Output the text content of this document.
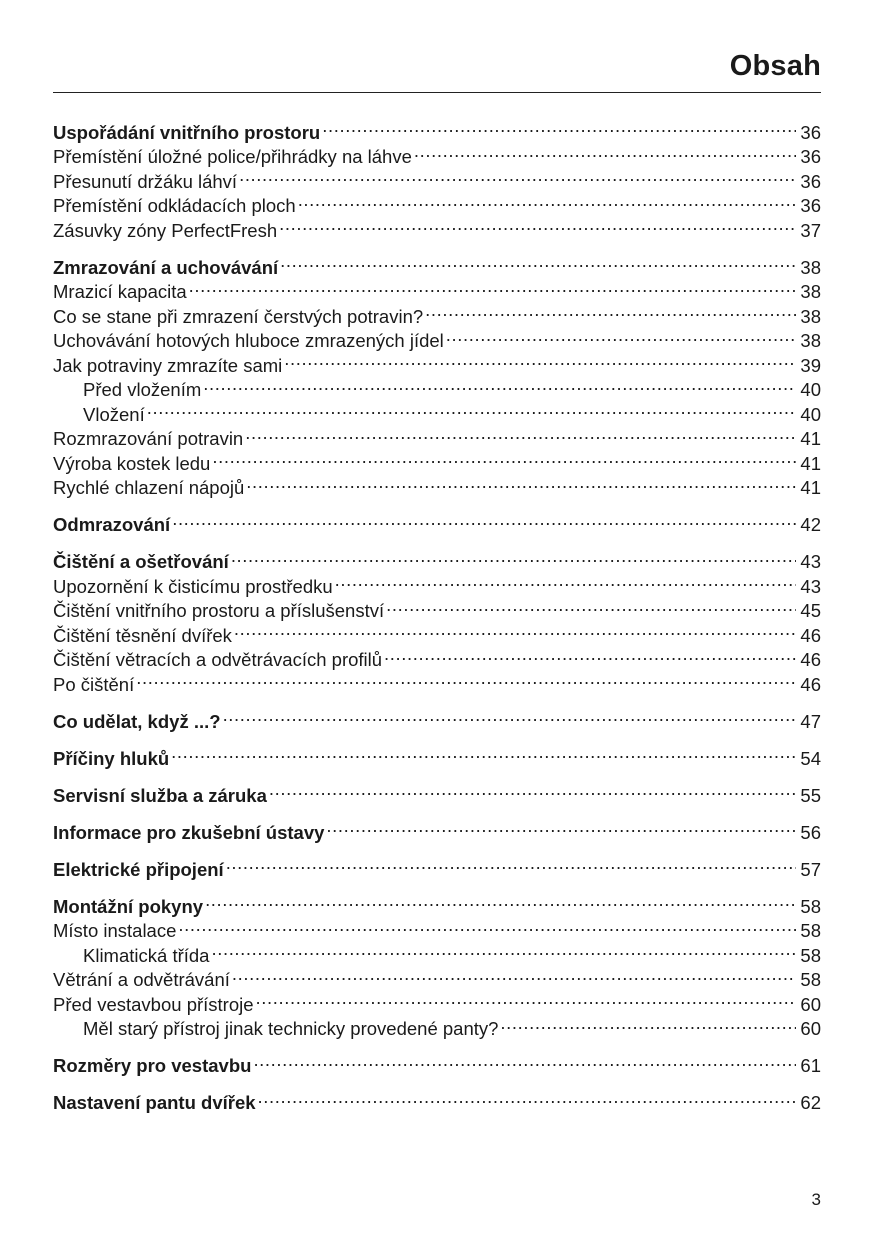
Obsah
Uspořádání vnitřního prostoru .....	36
Přemístění úložné police/přihrádky na láhve .....	36
Přesunutí držáku láhví .....	36
Přemístění odkládacích ploch .....	36
Zásuvky zóny PerfectFresh .....	37
Zmrazování a uchovávání .....	38
Mrazicí kapacita .....	38
Co se stane při zmrazení čerstvých potravin? .....	38
Uchovávání hotových hluboce zmrazených jídel .....	38
Jak potraviny zmrazíte sami .....	39
Před vložením .....	40
Vložení .....	40
Rozmrazování potravin .....	41
Výroba kostek ledu .....	41
Rychlé chlazení nápojů .....	41
Odmrazování .....	42
Čištění a ošetřování .....	43
Upozornění k čisticímu prostředku .....	43
Čištění vnitřního prostoru a příslušenství .....	45
Čištění těsnění dvířek .....	46
Čištění větracích a odvětrávacích profilů .....	46
Po čištění .....	46
Co udělat, když ...? .....	47
Příčiny hluků .....	54
Servisní služba a záruka .....	55
Informace pro zkušební ústavy .....	56
Elektrické připojení .....	57
Montážní pokyny .....	58
Místo instalace .....	58
Klimatická třída .....	58
Větrání a odvětrávání .....	58
Před vestavbou přístroje .....	60
Měl starý přístroj jinak technicky provedené panty? .....	60
Rozměry pro vestavbu .....	61
Nastavení pantu dvířek .....	62
3
